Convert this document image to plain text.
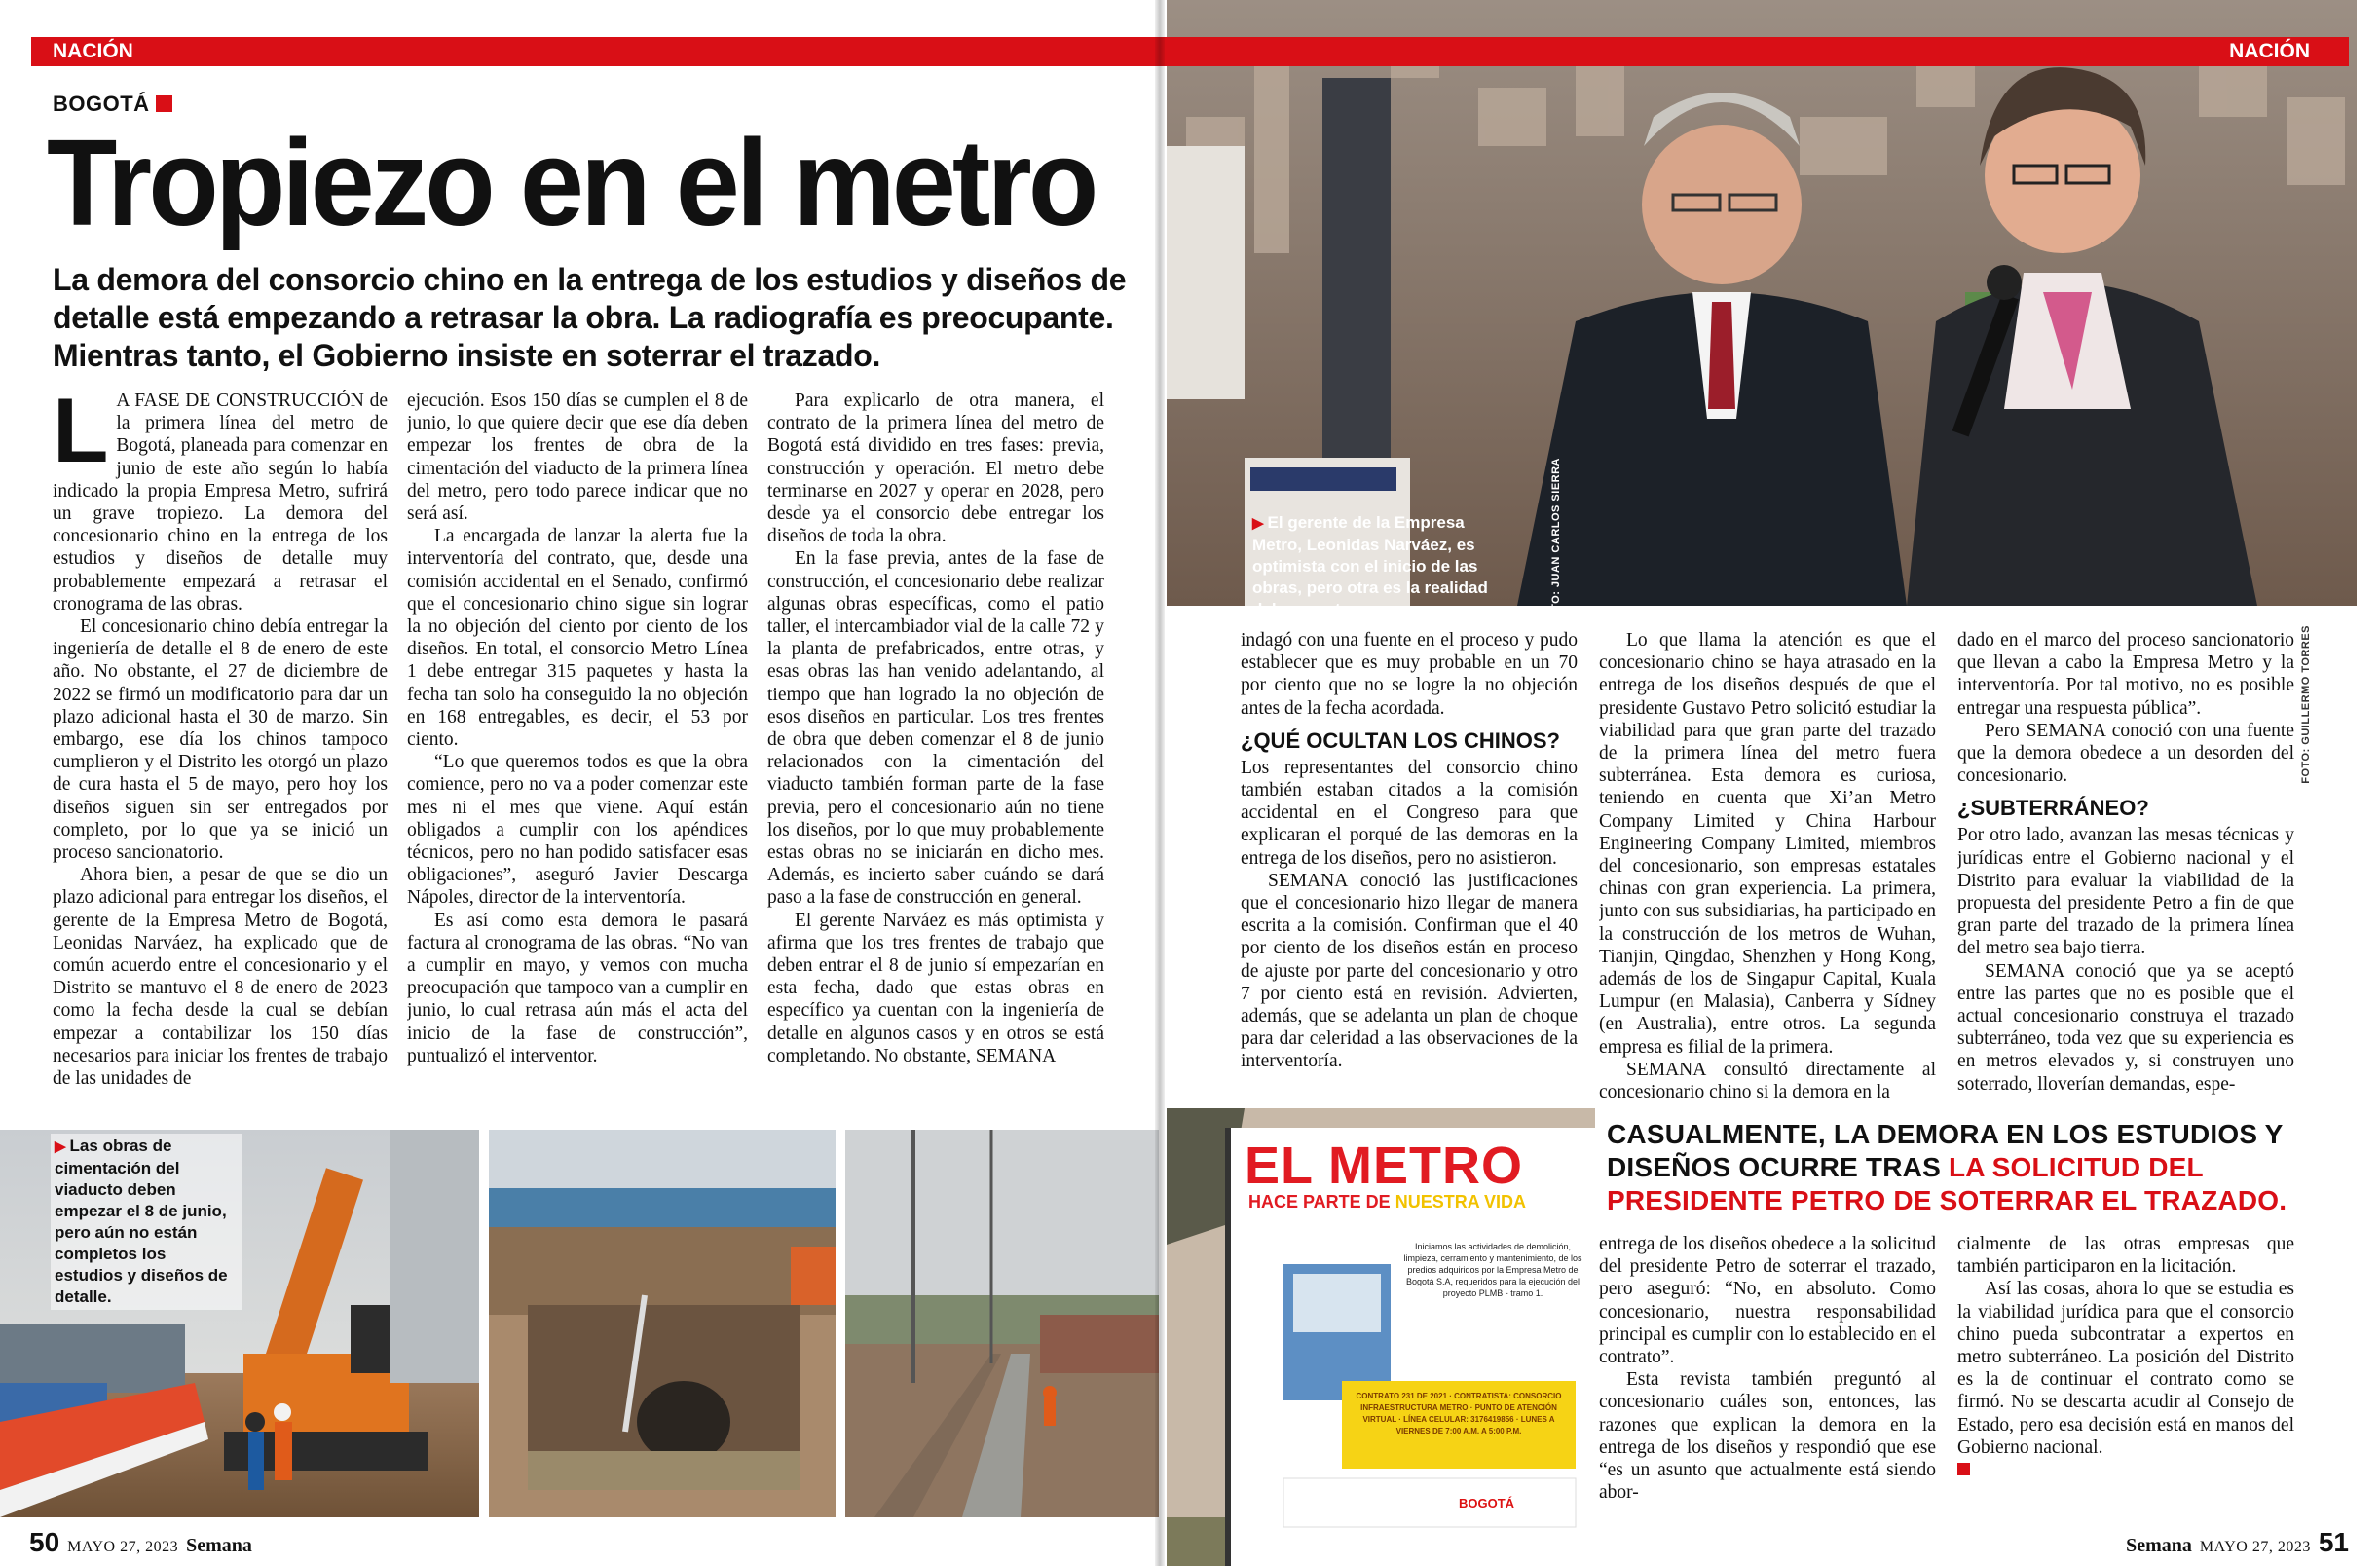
NACIÓN
BOGOTÁ
Tropiezo en el metro
La demora del consorcio chino en la entrega de los estudios y diseños de detalle está empezando a retrasar la obra. La radiografía es preocupante. Mientras tanto, el Gobierno insiste en soterrar el trazado.
L A FASE DE CONSTRUCCIÓN de la primera línea del metro de Bogotá, planeada para comenzar en junio de este año según lo había indicado la propia Empresa Metro, sufrirá un grave tropiezo. La demora del concesionario chino en la entrega de los estudios y diseños de detalle muy probablemente empezará a retrasar el cronograma de las obras.

El concesionario chino debía entregar la ingeniería de detalle el 8 de enero de este año. No obstante, el 27 de diciembre de 2022 se firmó un modificatorio para dar un plazo adicional hasta el 30 de marzo. Sin embargo, ese día los chinos tampoco cumplieron y el Distrito les otorgó un plazo de cura hasta el 5 de mayo, pero hoy los diseños siguen sin ser entregados por completo, por lo que ya se inició un proceso sancionatorio.

Ahora bien, a pesar de que se dio un plazo adicional para entregar los diseños, el gerente de la Empresa Metro de Bogotá, Leonidas Narváez, ha explicado que de común acuerdo entre el concesionario y el Distrito se mantuvo el 8 de enero de 2023 como la fecha desde la cual se debían empezar a contabilizar los 150 días necesarios para iniciar los frentes de trabajo de las unidades de

ejecución. Esos 150 días se cumplen el 8 de junio, lo que quiere decir que ese día deben empezar los frentes de obra de la cimentación del viaducto de la primera línea del metro, pero todo parece indicar que no será así.

La encargada de lanzar la alerta fue la interventoría del contrato, que, desde una comisión accidental en el Senado, confirmó que el concesionario chino sigue sin lograr la no objeción del ciento por ciento de los diseños. En total, el consorcio Metro Línea 1 debe entregar 315 paquetes y hasta la fecha tan solo ha conseguido la no objeción en 168 entregables, es decir, el 53 por ciento.

“Lo que queremos todos es que la obra comience, pero no va a poder comenzar este mes ni el mes que viene. Aquí están obligados a cumplir con los apéndices técnicos, pero no han podido satisfacer esas obligaciones”, aseguró Javier Descarga Nápoles, director de la interventoría.

Es así como esta demora le pasará factura al cronograma de las obras. “No van a cumplir en mayo, y vemos con mucha preocupación que tampoco van a cumplir en junio, lo cual retrasa aún más el acta del inicio de la fase de construcción”, puntualizó el interventor.

Para explicarlo de otra manera, el contrato de la primera línea del metro de Bogotá está dividido en tres fases: previa, construcción y operación. El metro debe terminarse en 2027 y operar en 2028, pero desde ya el consorcio debe entregar los diseños de toda la obra.

En la fase previa, antes de la fase de construcción, el concesionario debe realizar algunas obras específicas, como el patio taller, el intercambiador vial de la calle 72 y la planta de prefabricados, entre otras, y esas obras las han venido adelantando, al tiempo que han logrado la no objeción de esos diseños en particular. Los tres frentes de obra que deben comenzar el 8 de junio relacionados con la cimentación del viaducto también forman parte de la fase previa, pero el concesionario aún no tiene los diseños, por lo que muy probablemente estas obras no se iniciarán en dicho mes. Además, es incierto saber cuándo se dará paso a la fase de construcción en general.

El gerente Narváez es más optimista y afirma que los tres frentes de trabajo que deben entrar el 8 de junio sí empezarían en esta fecha, dado que estas obras en específico ya cuentan con la ingeniería de detalle en algunos casos y en otros se está completando. No obstante, SEMANA

▶ Las obras de cimentación del viaducto deben empezar el 8 de junio, pero aún no están completos los estudios y diseños de detalle.
50 MAYO 27, 2023 Semana
NACIÓN
▶ El gerente de la Empresa Metro, Leonidas Narváez, es optimista con el inicio de las obras, pero otra es la realidad del proyecto.	FOTO: JUAN CARLOS SIERRA
FOTO: GUILLERMO TORRES

indagó con una fuente en el proceso y pudo establecer que es muy probable en un 70 por ciento que no se logre la no objeción antes de la fecha acordada.

¿QUÉ OCULTAN LOS CHINOS?

Los representantes del consorcio chino también estaban citados a la comisión accidental en el Congreso para que explicaran el porqué de las demoras en la entrega de los diseños, pero no asistieron.

SEMANA conoció las justificaciones que el concesionario hizo llegar de manera escrita a la comisión. Confirman que el 40 por ciento de los diseños están en proceso de ajuste por parte del concesionario y otro 7 por ciento está en revisión. Advierten, además, que se adelanta un plan de choque para dar celeridad a las observaciones de la interventoría.

Lo que llama la atención es que el concesionario chino se haya atrasado en la entrega de los diseños después de que el presidente Gustavo Petro solicitó estudiar la viabilidad para que gran parte del trazado de la primera línea del metro fuera subterránea. Esta demora es curiosa, teniendo en cuenta que Xi’an Metro Company Limited y China Harbour Engineering Company Limited, miembros del concesionario, son empresas estatales chinas con gran experiencia. La primera, junto con sus subsidiarias, ha participado en la construcción de los metros de Wuhan, Tianjin, Qingdao, Shenzhen y Hong Kong, además de los de Singapur Capital, Kuala Lumpur (en Malasia), Canberra y Sídney (en Australia), entre otros. La segunda empresa es filial de la primera.

SEMANA consultó directamente al concesionario chino si la demora en la

dado en el marco del proceso sancionatorio que llevan a cabo la Empresa Metro y la interventoría. Por tal motivo, no es posible entregar una respuesta pública”.

Pero SEMANA conoció con una fuente que la demora obedece a un desorden del concesionario.

¿SUBTERRÁNEO?

Por otro lado, avanzan las mesas técnicas y jurídicas entre el Gobierno nacional y el Distrito para evaluar la viabilidad de la propuesta del presidente Petro a fin de que gran parte del trazado de la primera línea del metro sea bajo tierra.

SEMANA conoció que ya se aceptó entre las partes que no es posible que el actual concesionario construya el trazado subterráneo, toda vez que su experiencia es en metros elevados y, si construyen uno soterrado, lloverían demandas, espe-

EL METRO
HACE PARTE DE NUESTRA VIDA
Iniciamos las actividades de demolición, limpieza, cerramiento y mantenimiento, de los predios adquiridos por la Empresa Metro de Bogotá S.A, requeridos para la ejecución del proyecto PLMB - tramo 1.
CONTRATO 231 DE 2021 · CONTRATISTA: CONSORCIO INFRAESTRUCTURA METRO · PUNTO DE ATENCIÓN VIRTUAL · LÍNEA CELULAR: 3176419856 · LUNES A VIERNES DE 7:00 A.M. A 5:00 P.M.
BOGOTÁ
CASUALMENTE, LA DEMORA EN LOS ESTUDIOS Y DISEÑOS OCURRE TRAS LA SOLICITUD DEL PRESIDENTE PETRO DE SOTERRAR EL TRAZADO.

entrega de los diseños obedece a la solicitud del presidente Petro de soterrar el trazado, pero aseguró: “No, en absoluto. Como concesionario, nuestra responsabilidad principal es cumplir con lo establecido en el contrato”.

Esta revista también preguntó al concesionario cuáles son, entonces, las razones que explican la demora en la entrega de los diseños y respondió que ese “es un asunto que actualmente está siendo abor-

cialmente de las otras empresas que también participaron en la licitación.

Así las cosas, ahora lo que se estudia es la viabilidad jurídica para que el consorcio chino pueda subcontratar a expertos en metro subterráneo. La posición del Distrito es la de continuar el contrato como se firmó. No se descarta acudir al Consejo de Estado, pero esa decisión está en manos del Gobierno nacional.

Semana MAYO 27, 2023 51
